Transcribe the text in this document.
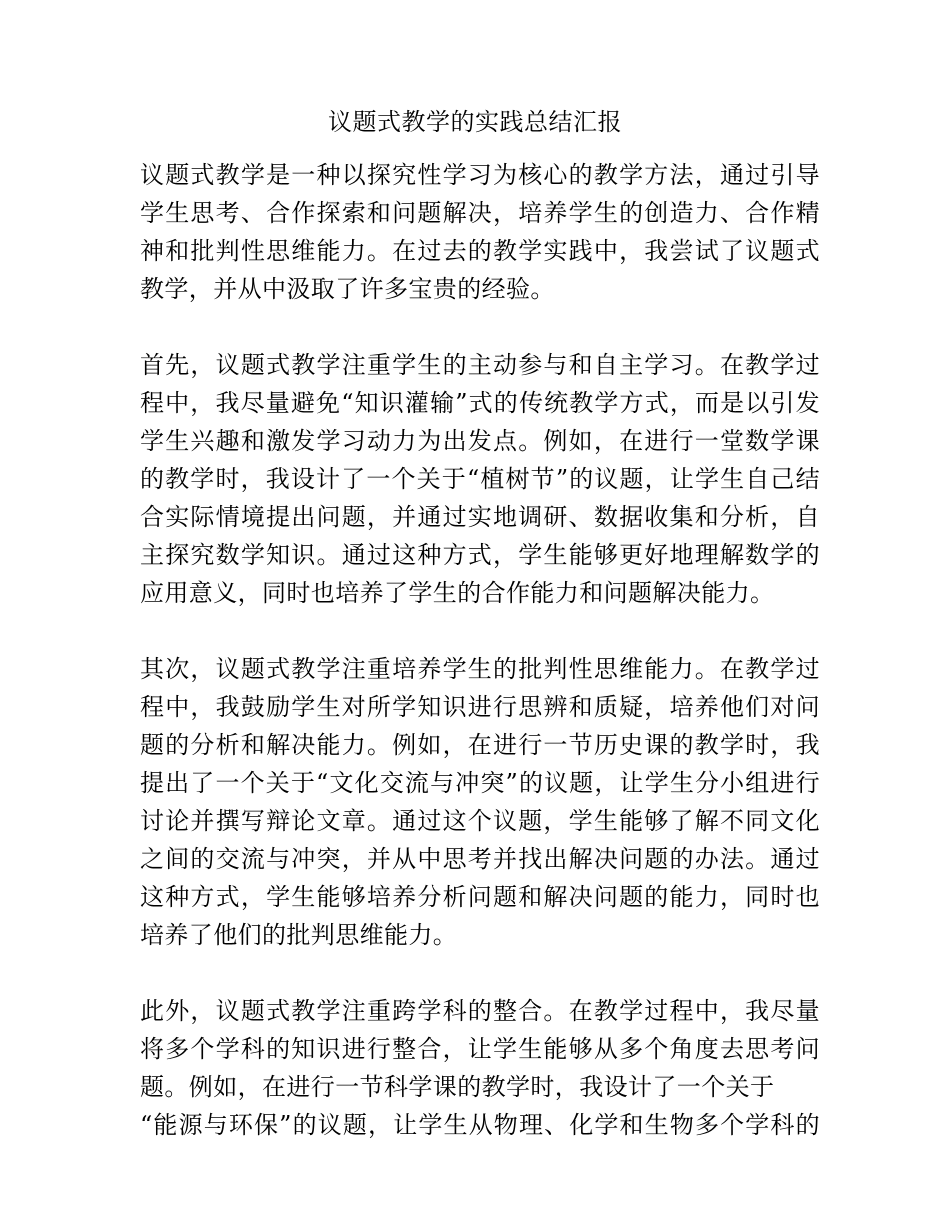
议题式教学的实践总结汇报
议题式教学是一种以探究性学习为核心的教学方法，通过引导
学生思考、合作探索和问题解决，培养学生的创造力、合作精
神和批判性思维能力。在过去的教学实践中，我尝试了议题式
教学，并从中汲取了许多宝贵的经验。
首先，议题式教学注重学生的主动参与和自主学习。在教学过
程中，我尽量避免“知识灌输”式的传统教学方式，而是以引发
学生兴趣和激发学习动力为出发点。例如，在进行一堂数学课
的教学时，我设计了一个关于“植树节”的议题，让学生自己结
合实际情境提出问题，并通过实地调研、数据收集和分析，自
主探究数学知识。通过这种方式，学生能够更好地理解数学的
应用意义，同时也培养了学生的合作能力和问题解决能力。
其次，议题式教学注重培养学生的批判性思维能力。在教学过
程中，我鼓励学生对所学知识进行思辨和质疑，培养他们对问
题的分析和解决能力。例如，在进行一节历史课的教学时，我
提出了一个关于“文化交流与冲突”的议题，让学生分小组进行
讨论并撰写辩论文章。通过这个议题，学生能够了解不同文化
之间的交流与冲突，并从中思考并找出解决问题的办法。通过
这种方式，学生能够培养分析问题和解决问题的能力，同时也
培养了他们的批判思维能力。
此外，议题式教学注重跨学科的整合。在教学过程中，我尽量
将多个学科的知识进行整合，让学生能够从多个角度去思考问
题。例如，在进行一节科学课的教学时，我设计了一个关于
“能源与环保”的议题，让学生从物理、化学和生物多个学科的
